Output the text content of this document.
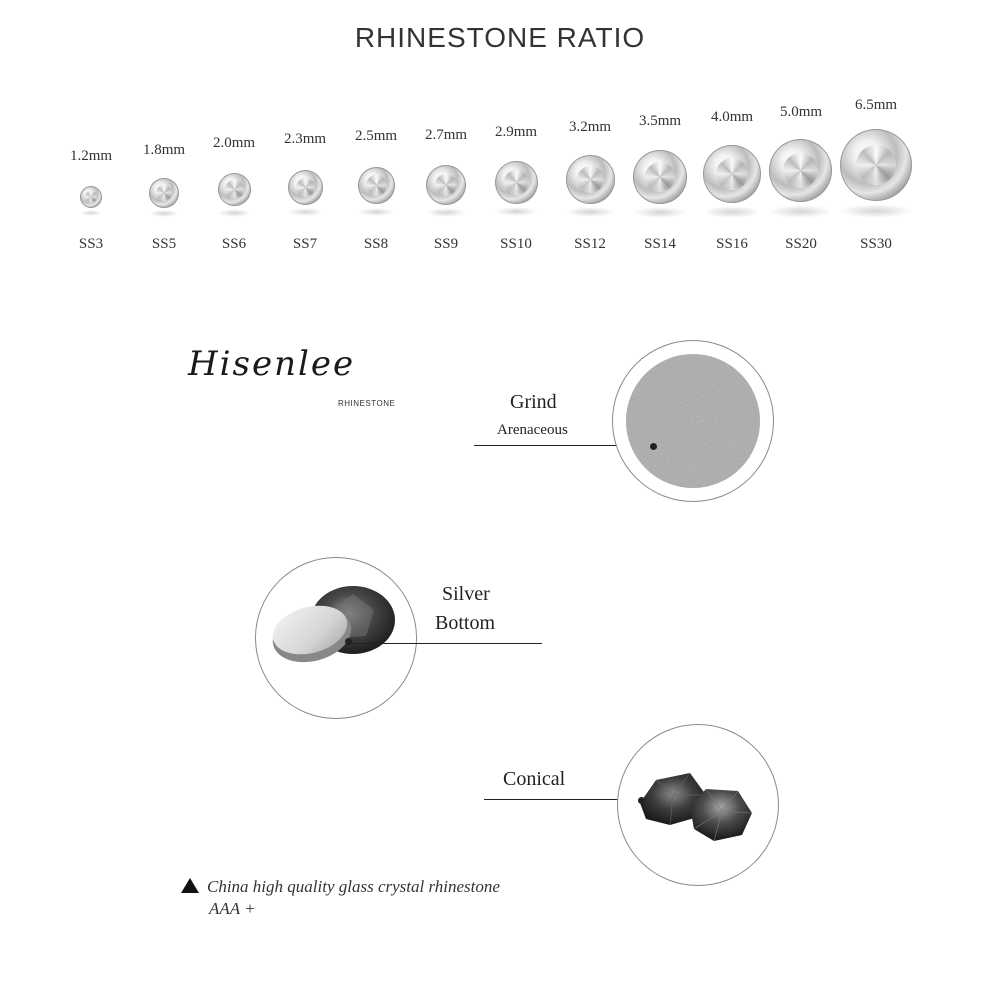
RHINESTONE RATIO
1.2mm
SS3
1.8mm
SS5
2.0mm
SS6
2.3mm
SS7
2.5mm
SS8
2.7mm
SS9
2.9mm
SS10
3.2mm
SS12
3.5mm
SS14
4.0mm
SS16
5.0mm
SS20
6.5mm
SS30
Hisenlee
RHINESTONE	Grind
Arenaceous
Silver
Bottom
Conical
China high quality glass crystal rhinestone
AAA +
